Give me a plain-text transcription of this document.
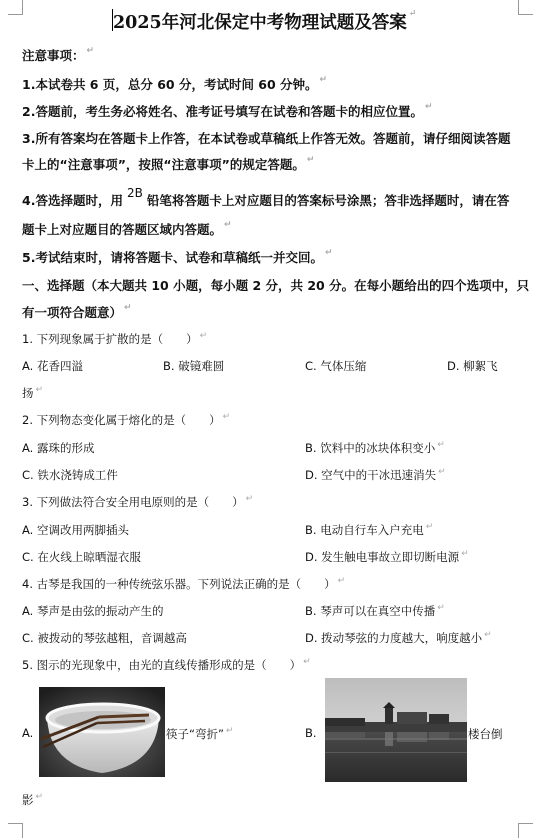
2025年河北保定中考物理试题及答案 ↵
注意事项： ↵
1.本试卷共 6 页，总分 60 分，考试时间 60 分钟。 ↵
2.答题前，考生务必将姓名、准考证号填写在试卷和答题卡的相应位置。 ↵
3.所有答案均在答题卡上作答，在本试卷或草稿纸上作答无效。答题前，请仔细阅读答题
卡上的“注意事项”，按照“注意事项”的规定答题。 ↵
4.答选择题时，用 2B 铅笔将答题卡上对应题目的答案标号涂黑；答非选择题时，请在答
题卡上对应题目的答题区域内答题。 ↵
5.考试结束时，请将答题卡、试卷和草稿纸一并交回。 ↵
一、选择题（本大题共 10 小题，每小题 2 分，共 20 分。在每小题给出的四个选项中，只
有一项符合题意） ↵
1. 下列现象属于扩散的是（　　） ↵
A. 花香四溢	B. 破镜难圆	C. 气体压缩	D. 柳絮飞
扬 ↵
2. 下列物态变化属于熔化的是（　　） ↵
A. 露珠的形成	B. 饮料中的冰块体积变小 ↵
C. 铁水浇铸成工件	D. 空气中的干冰迅速消失 ↵
3. 下列做法符合安全用电原则的是（　　） ↵
A. 空调改用两脚插头	B. 电动自行车入户充电 ↵
C. 在火线上晾晒湿衣服	D. 发生触电事故立即切断电源 ↵
4. 古琴是我国的一种传统弦乐器。下列说法正确的是（　　） ↵
A. 琴声是由弦的振动产生的	B. 琴声可以在真空中传播 ↵
C. 被拨动的琴弦越粗，音调越高	D. 拨动琴弦的力度越大，响度越小 ↵
5. 图示的光现象中，由光的直线传播形成的是（　　） ↵
A.	筷子“弯折” ↵	B.	楼台倒
影 ↵
